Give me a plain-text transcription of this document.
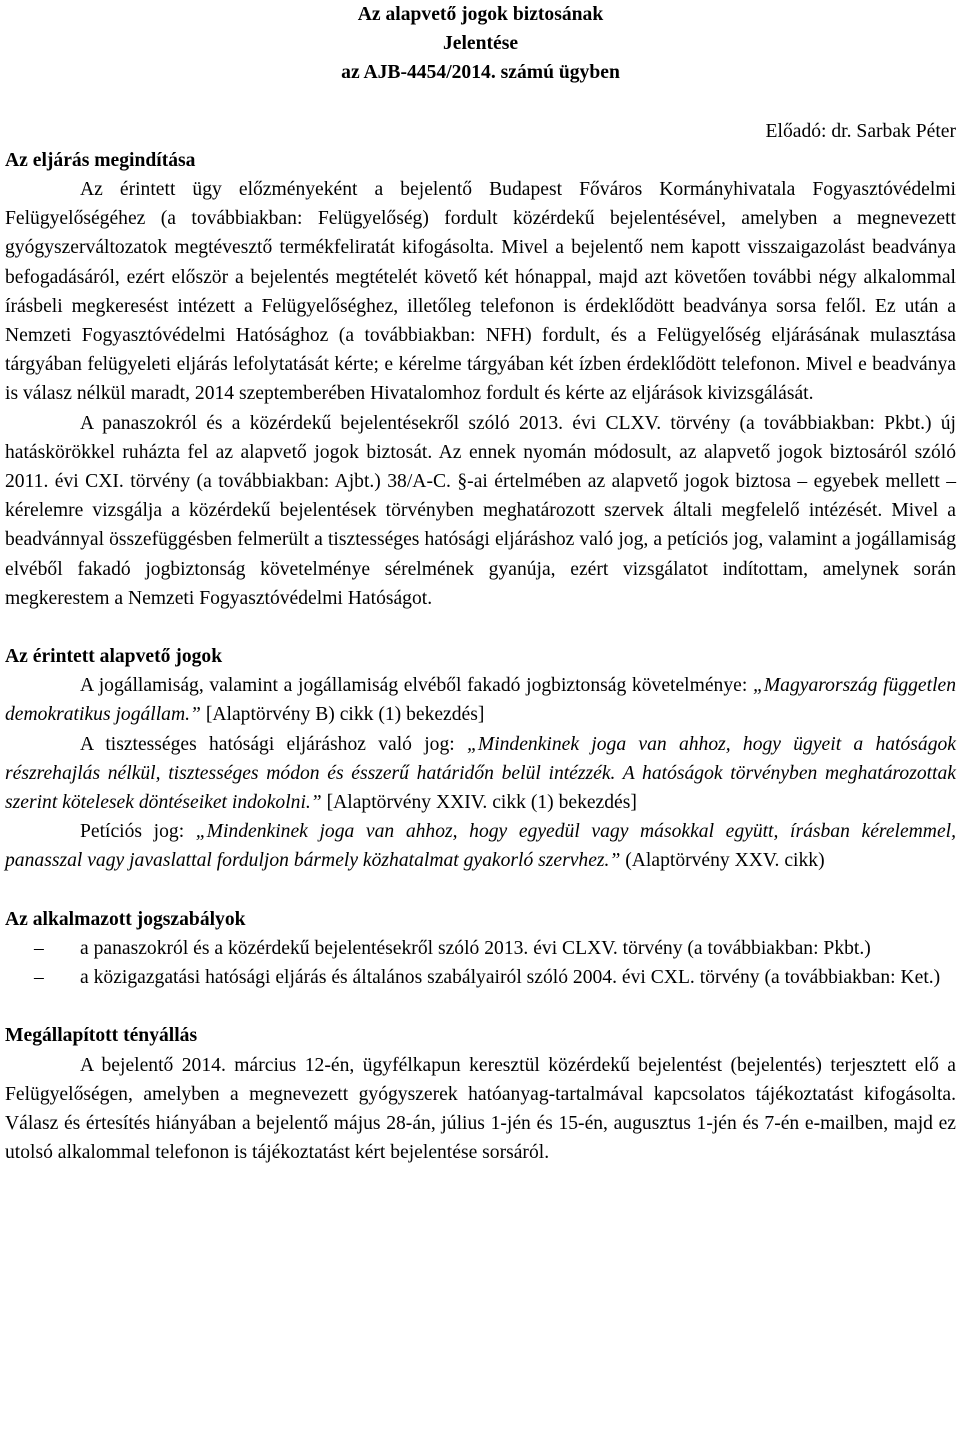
Az alapvető jogok biztosának

Jelentése

az AJB-4454/2014. számú ügyben

Előadó: dr. Sarbak Péter

Az eljárás megindítása

Az érintett ügy előzményeként a bejelentő Budapest Főváros Kormányhivatala Fogyasztóvédelmi Felügyelőségéhez (a továbbiakban: Felügyelőség) fordult közérdekű bejelentésével, amelyben a megnevezett gyógyszerváltozatok megtévesztő termékfeliratát kifogásolta. Mivel a bejelentő nem kapott visszaigazolást beadványa befogadásáról, ezért először a bejelentés megtételét követő két hónappal, majd azt követően további négy alkalommal írásbeli megkeresést intézett a Felügyelőséghez, illetőleg telefonon is érdeklődött beadványa sorsa felől. Ez után a Nemzeti Fogyasztóvédelmi Hatósághoz (a továbbiakban: NFH) fordult, és a Felügyelőség eljárásának mulasztása tárgyában felügyeleti eljárás lefolytatását kérte; e kérelme tárgyában két ízben érdeklődött telefonon. Mivel e beadványa is válasz nélkül maradt, 2014 szeptemberében Hivatalomhoz fordult és kérte az eljárások kivizsgálását.

A panaszokról és a közérdekű bejelentésekről szóló 2013. évi CLXV. törvény (a továbbiakban: Pkbt.) új hatáskörökkel ruházta fel az alapvető jogok biztosát. Az ennek nyomán módosult, az alapvető jogok biztosáról szóló 2011. évi CXI. törvény (a továbbiakban: Ajbt.) 38/A-C. §-ai értelmében az alapvető jogok biztosa – egyebek mellett – kérelemre vizsgálja a közérdekű bejelentések törvényben meghatározott szervek általi megfelelő intézését. Mivel a beadvánnyal összefüggésben felmerült a tisztességes hatósági eljáráshoz való jog, a petíciós jog, valamint a jogállamiság elvéből fakadó jogbiztonság követelménye sérelmének gyanúja, ezért vizsgálatot indítottam, amelynek során megkerestem a Nemzeti Fogyasztóvédelmi Hatóságot.

Az érintett alapvető jogok

A jogállamiság, valamint a jogállamiság elvéből fakadó jogbiztonság követelménye: „Magyarország független demokratikus jogállam.” [Alaptörvény B) cikk (1) bekezdés]

A tisztességes hatósági eljáráshoz való jog: „Mindenkinek joga van ahhoz, hogy ügyeit a hatóságok részrehajlás nélkül, tisztességes módon és ésszerű határidőn belül intézzék. A hatóságok törvényben meghatározottak szerint kötelesek döntéseiket indokolni.” [Alaptörvény XXIV. cikk (1) bekezdés]

Petíciós jog: „Mindenkinek joga van ahhoz, hogy egyedül vagy másokkal együtt, írásban kérelemmel, panasszal vagy javaslattal forduljon bármely közhatalmat gyakorló szervhez.” (Alaptörvény XXV. cikk)

Az alkalmazott jogszabályok

– a panaszokról és a közérdekű bejelentésekről szóló 2013. évi CLXV. törvény (a továbbiakban: Pkbt.)
– a közigazgatási hatósági eljárás és általános szabályairól szóló 2004. évi CXL. törvény (a továbbiakban: Ket.)

Megállapított tényállás

A bejelentő 2014. március 12-én, ügyfélkapun keresztül közérdekű bejelentést (bejelentés) terjesztett elő a Felügyelőségen, amelyben a megnevezett gyógyszerek hatóanyag-tartalmával kapcsolatos tájékoztatást kifogásolta. Válasz és értesítés hiányában a bejelentő május 28-án, július 1-jén és 15-én, augusztus 1-jén és 7-én e-mailben, majd ez utolsó alkalommal telefonon is tájékoztatást kért bejelentése sorsáról.
